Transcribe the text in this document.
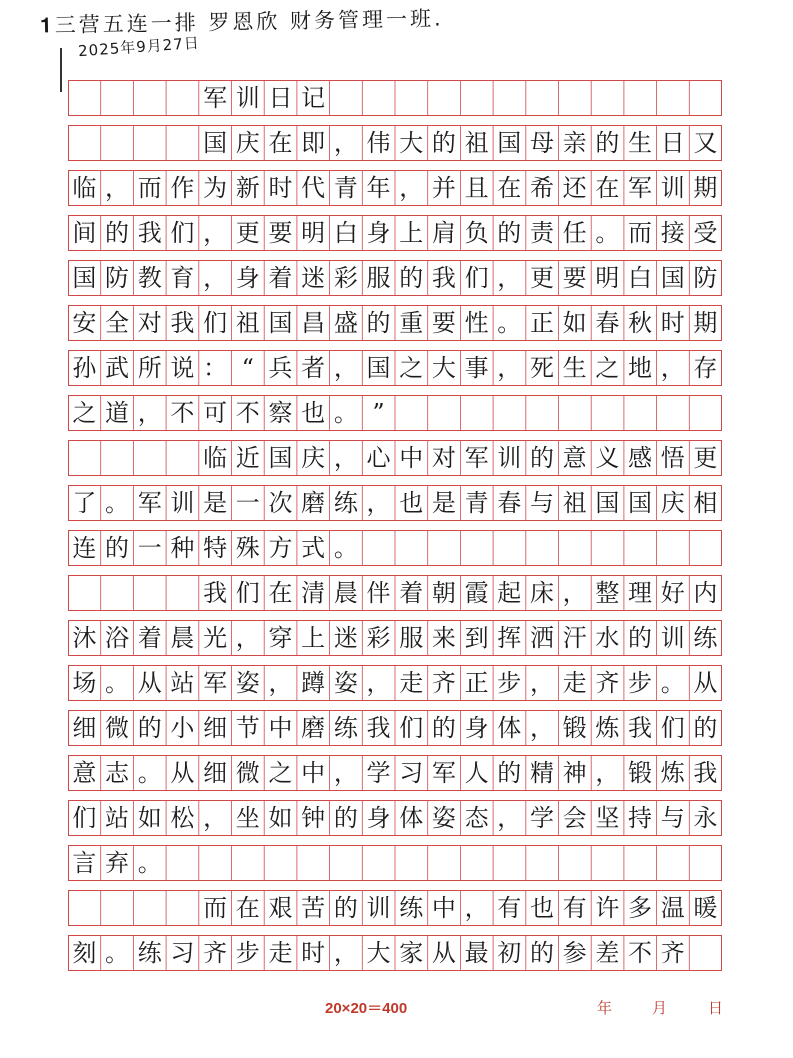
𝟏三营五连一排 罗恩欣 财务管理一班.
2025年9月27日
军 训 日 记
国 庆 在 即 ， 伟 大 的 祖 国 母 亲 的 生 日 又
临 ， 而 作 为 新 时 代 青 年 ， 并 且 在 希 还 在 军 训 期
间 的 我 们 ， 更 要 明 白 身 上 肩 负 的 责 任 。 而 接 受
国 防 教 育 ， 身 着 迷 彩 服 的 我 们 ， 更 要 明 白 国 防
安 全 对 我 们 祖 国 昌 盛 的 重 要 性 。 正 如 春 秋 时 期
孙 武 所 说 ： “ 兵 者 ， 国 之 大 事 ， 死 生 之 地 ， 存
之 道 ， 不 可 不 察 也 。 ”
临 近 国 庆 ， 心 中 对 军 训 的 意 义 感 悟 更
了 。 军 训 是 一 次 磨 练 ， 也 是 青 春 与 祖 国 国 庆 相
连 的 一 种 特 殊 方 式 。
我 们 在 清 晨 伴 着 朝 霞 起 床 ， 整 理 好 内
沐 浴 着 晨 光 ， 穿 上 迷 彩 服 来 到 挥 洒 汗 水 的 训 练
场 。 从 站 军 姿 ， 蹲 姿 ， 走 齐 正 步 ， 走 齐 步 。 从
细 微 的 小 细 节 中 磨 练 我 们 的 身 体 ， 锻 炼 我 们 的
意 志 。 从 细 微 之 中 ， 学 习 军 人 的 精 神 ， 锻 炼 我
们 站 如 松 ， 坐 如 钟 的 身 体 姿 态 ， 学 会 坚 持 与 永
言 弃 。
而 在 艰 苦 的 训 练 中 ， 有 也 有 许 多 温 暖
刻 。 练 习 齐 步 走 时 ， 大 家 从 最 初 的 参 差 不 齐
20×20＝400	年	月	日
